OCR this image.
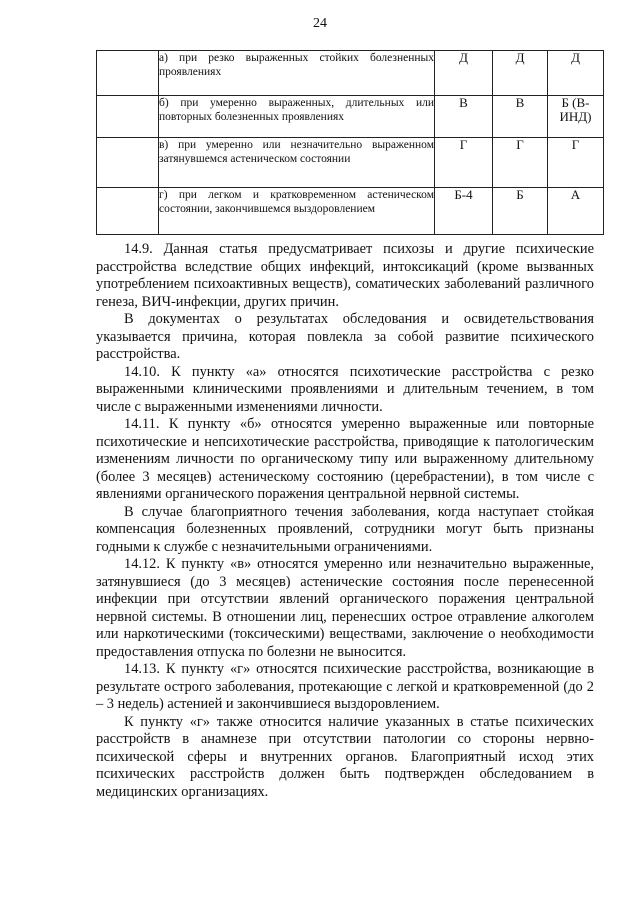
24
	а) при резко выраженных стойких болезненных проявлениях	Д	Д	Д
	б) при умеренно выраженных, длительных или повторных болезненных проявлениях	В	В	Б (В-ИНД)
	в) при умеренно или незначительно выраженном затянувшемся астеническом состоянии	Г	Г	Г
	г) при легком и кратковременном астеническом состоянии, закончившемся выздоровлением	Б-4	Б	А

14.9. Данная статья предусматривает психозы и другие психические расстройства вследствие общих инфекций, интоксикаций (кроме вызванных употреблением психоактивных веществ), соматических заболеваний различного генеза, ВИЧ-инфекции, других причин.

В документах о результатах обследования и освидетельствования указывается причина, которая повлекла за собой развитие психического расстройства.

14.10. К пункту «а» относятся психотические расстройства с резко выраженными клиническими проявлениями и длительным течением, в том числе с выраженными изменениями личности.

14.11. К пункту «б» относятся умеренно выраженные или повторные психотические и непсихотические расстройства, приводящие к патологическим изменениям личности по органическому типу или выраженному длительному (более 3 месяцев) астеническому состоянию (церебрастении), в том числе с явлениями органического поражения центральной нервной системы.

В случае благоприятного течения заболевания, когда наступает стойкая компенсация болезненных проявлений, сотрудники могут быть признаны годными к службе с незначительными ограничениями.

14.12. К пункту «в» относятся умеренно или незначительно выраженные, затянувшиеся (до 3 месяцев) астенические состояния после перенесенной инфекции при отсутствии явлений органического поражения центральной нервной системы. В отношении лиц, перенесших острое отравление алкоголем или наркотическими (токсическими) веществами, заключение о необходимости предоставления отпуска по болезни не выносится.

14.13. К пункту «г» относятся психические расстройства, возникающие в результате острого заболевания, протекающие с легкой и кратковременной (до 2 – 3 недель) астенией и закончившиеся выздоровлением.

К пункту «г» также относится наличие указанных в статье психических расстройств в анамнезе при отсутствии патологии со стороны нервно-психической сферы и внутренних органов. Благоприятный исход этих психических расстройств должен быть подтвержден обследованием в медицинских организациях.
